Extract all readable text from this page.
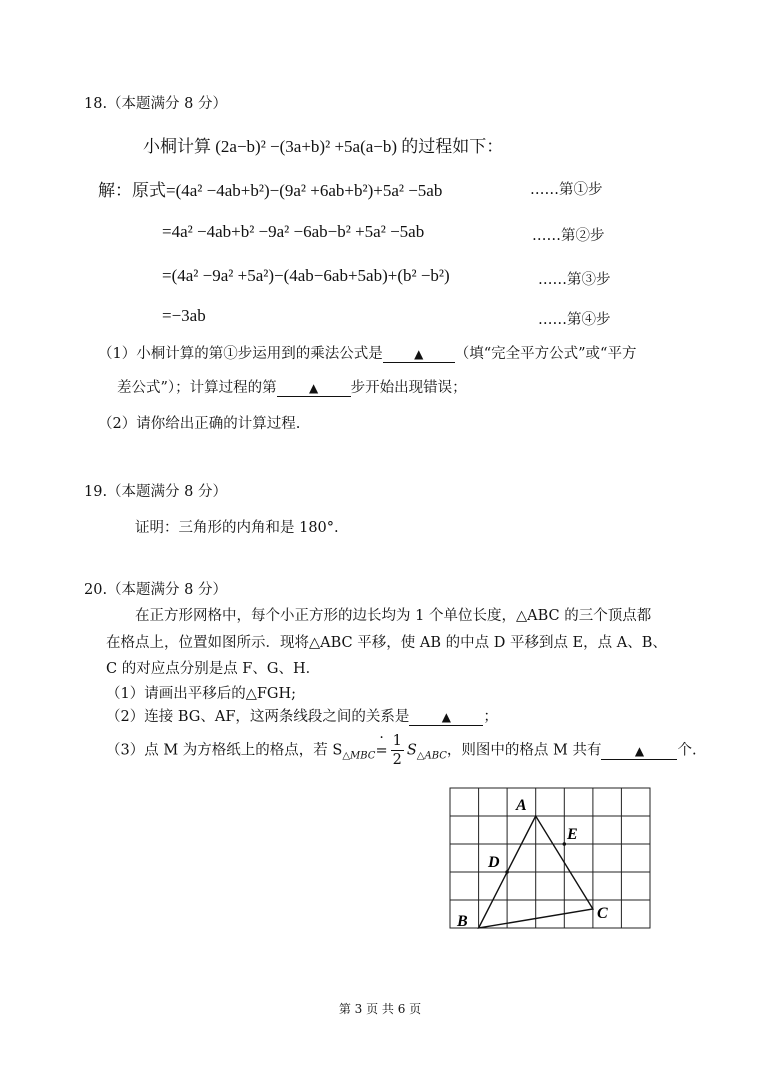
18.（本题满分 8 分）
小桐计算 (2a−b)² −(3a+b)² +5a(a−b) 的过程如下：
解：原式=(4a² −4ab+b²)−(9a² +6ab+b²)+5a² −5ab	……第①步
=4a² −4ab+b² −9a² −6ab−b² +5a² −5ab	……第②步
=(4a² −9a² +5a²)−(4ab−6ab+5ab)+(b² −b²)	……第③步
=−3ab	……第④步
（1）小桐计算的第①步运用到的乘法公式是	▲ （填“完全平方公式”或“平方
差公式”）；计算过程的第	▲ 步开始出现错误；
（2）请你给出正确的计算过程.
19.（本题满分 8 分）
证明：三角形的内角和是 180°.
20.（本题满分 8 分）
在正方形网格中，每个小正方形的边长均为 1 个单位长度，△ABC 的三个顶点都
在格点上，位置如图所示．现将△ABC 平移，使 AB 的中点 D 平移到点 E，点 A、B、
C 的对应点分别是点 F、G、H．
（1）请画出平移后的△FGH;
（2）连接 BG、AF，这两条线段之间的关系是	▲ ；
（3）点 M 为方格纸上的格点，若 $S_{\triangle MBC}= \cdot \frac{1}{2} S_{\triangle ABC}$，则图中的格点 M 共有	▲ 个.
A
B	C
D
E
第 3 页 共 6 页
